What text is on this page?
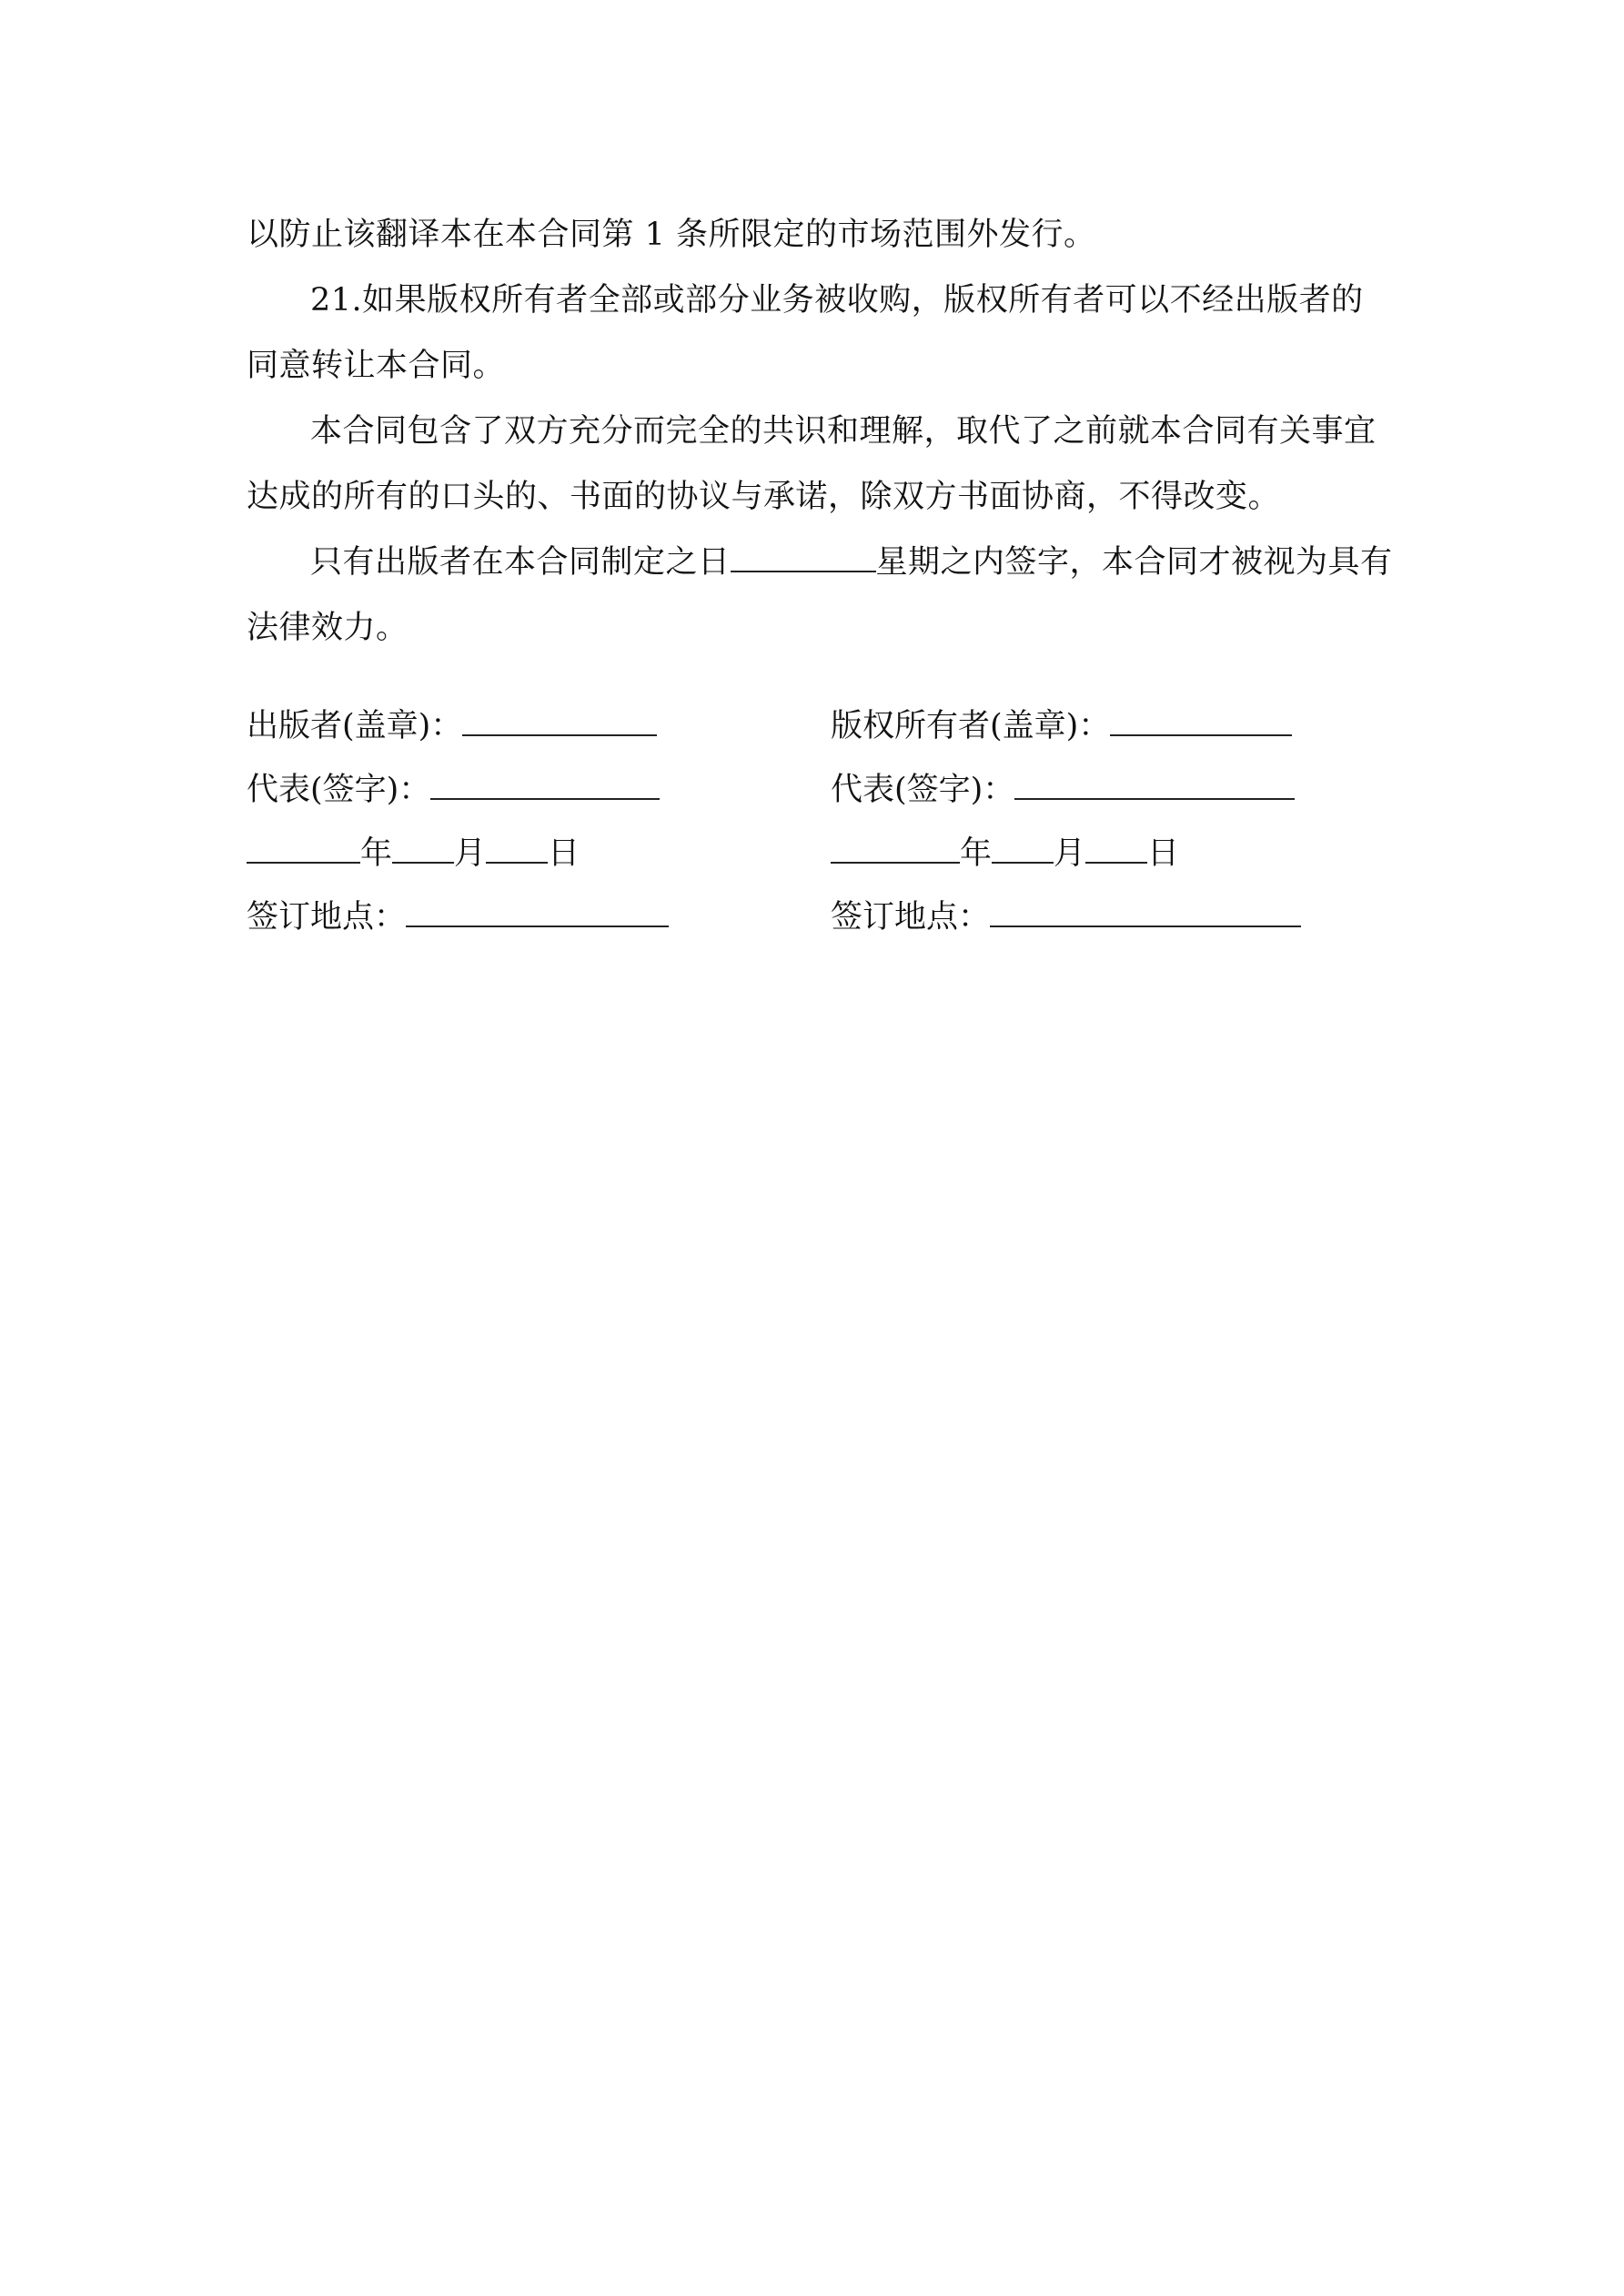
以防止该翻译本在本合同第 1 条所限定的市场范围外发行。

21.如果版权所有者全部或部分业务被收购，版权所有者可以不经出版者的同意转让本合同。

本合同包含了双方充分而完全的共识和理解，取代了之前就本合同有关事宜达成的所有的口头的、书面的协议与承诺，除双方书面协商，不得改变。

只有出版者在本合同制定之日	星期之内签字，本合同才被视为具有法律效力。

出版者(盖章)：
代表(签字)：
年 月 日
签订地点：
版权所有者(盖章)：
代表(签字)：
年 月 日
签订地点：
